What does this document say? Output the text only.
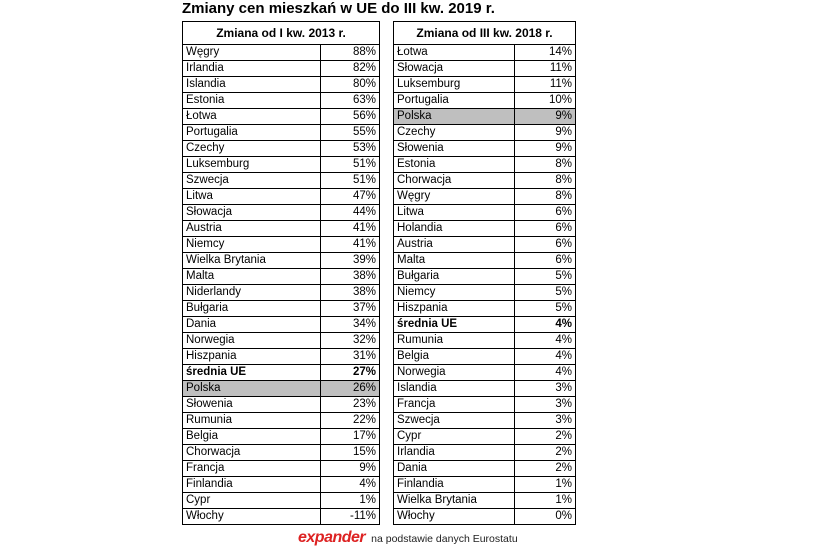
Zmiany cen mieszkań w UE do III kw. 2019 r.
Zmiana od I kw. 2013 r.	
Węgry	88%
Irlandia	82%
Islandia	80%
Estonia	63%
Łotwa	56%
Portugalia	55%
Czechy	53%
Luksemburg	51%
Szwecja	51%
Litwa	47%
Słowacja	44%
Austria	41%
Niemcy	41%
Wielka Brytania	39%
Malta	38%
Niderlandy	38%
Bułgaria	37%
Dania	34%
Norwegia	32%
Hiszpania	31%
średnia UE	27%
Polska	26%
Słowenia	23%
Rumunia	22%
Belgia	17%
Chorwacja	15%
Francja	9%
Finlandia	4%
Cypr	1%
Włochy	-11%
Zmiana od III kw. 2018 r.	
Łotwa	14%
Słowacja	11%
Luksemburg	11%
Portugalia	10%
Polska	9%
Czechy	9%
Słowenia	9%
Estonia	8%
Chorwacja	8%
Węgry	8%
Litwa	6%
Holandia	6%
Austria	6%
Malta	6%
Bułgaria	5%
Niemcy	5%
Hiszpania	5%
średnia UE	4%
Rumunia	4%
Belgia	4%
Norwegia	4%
Islandia	3%
Francja	3%
Szwecja	3%
Cypr	2%
Irlandia	2%
Dania	2%
Finlandia	1%
Wielka Brytania	1%
Włochy	0%
expander na podstawie danych Eurostatu
